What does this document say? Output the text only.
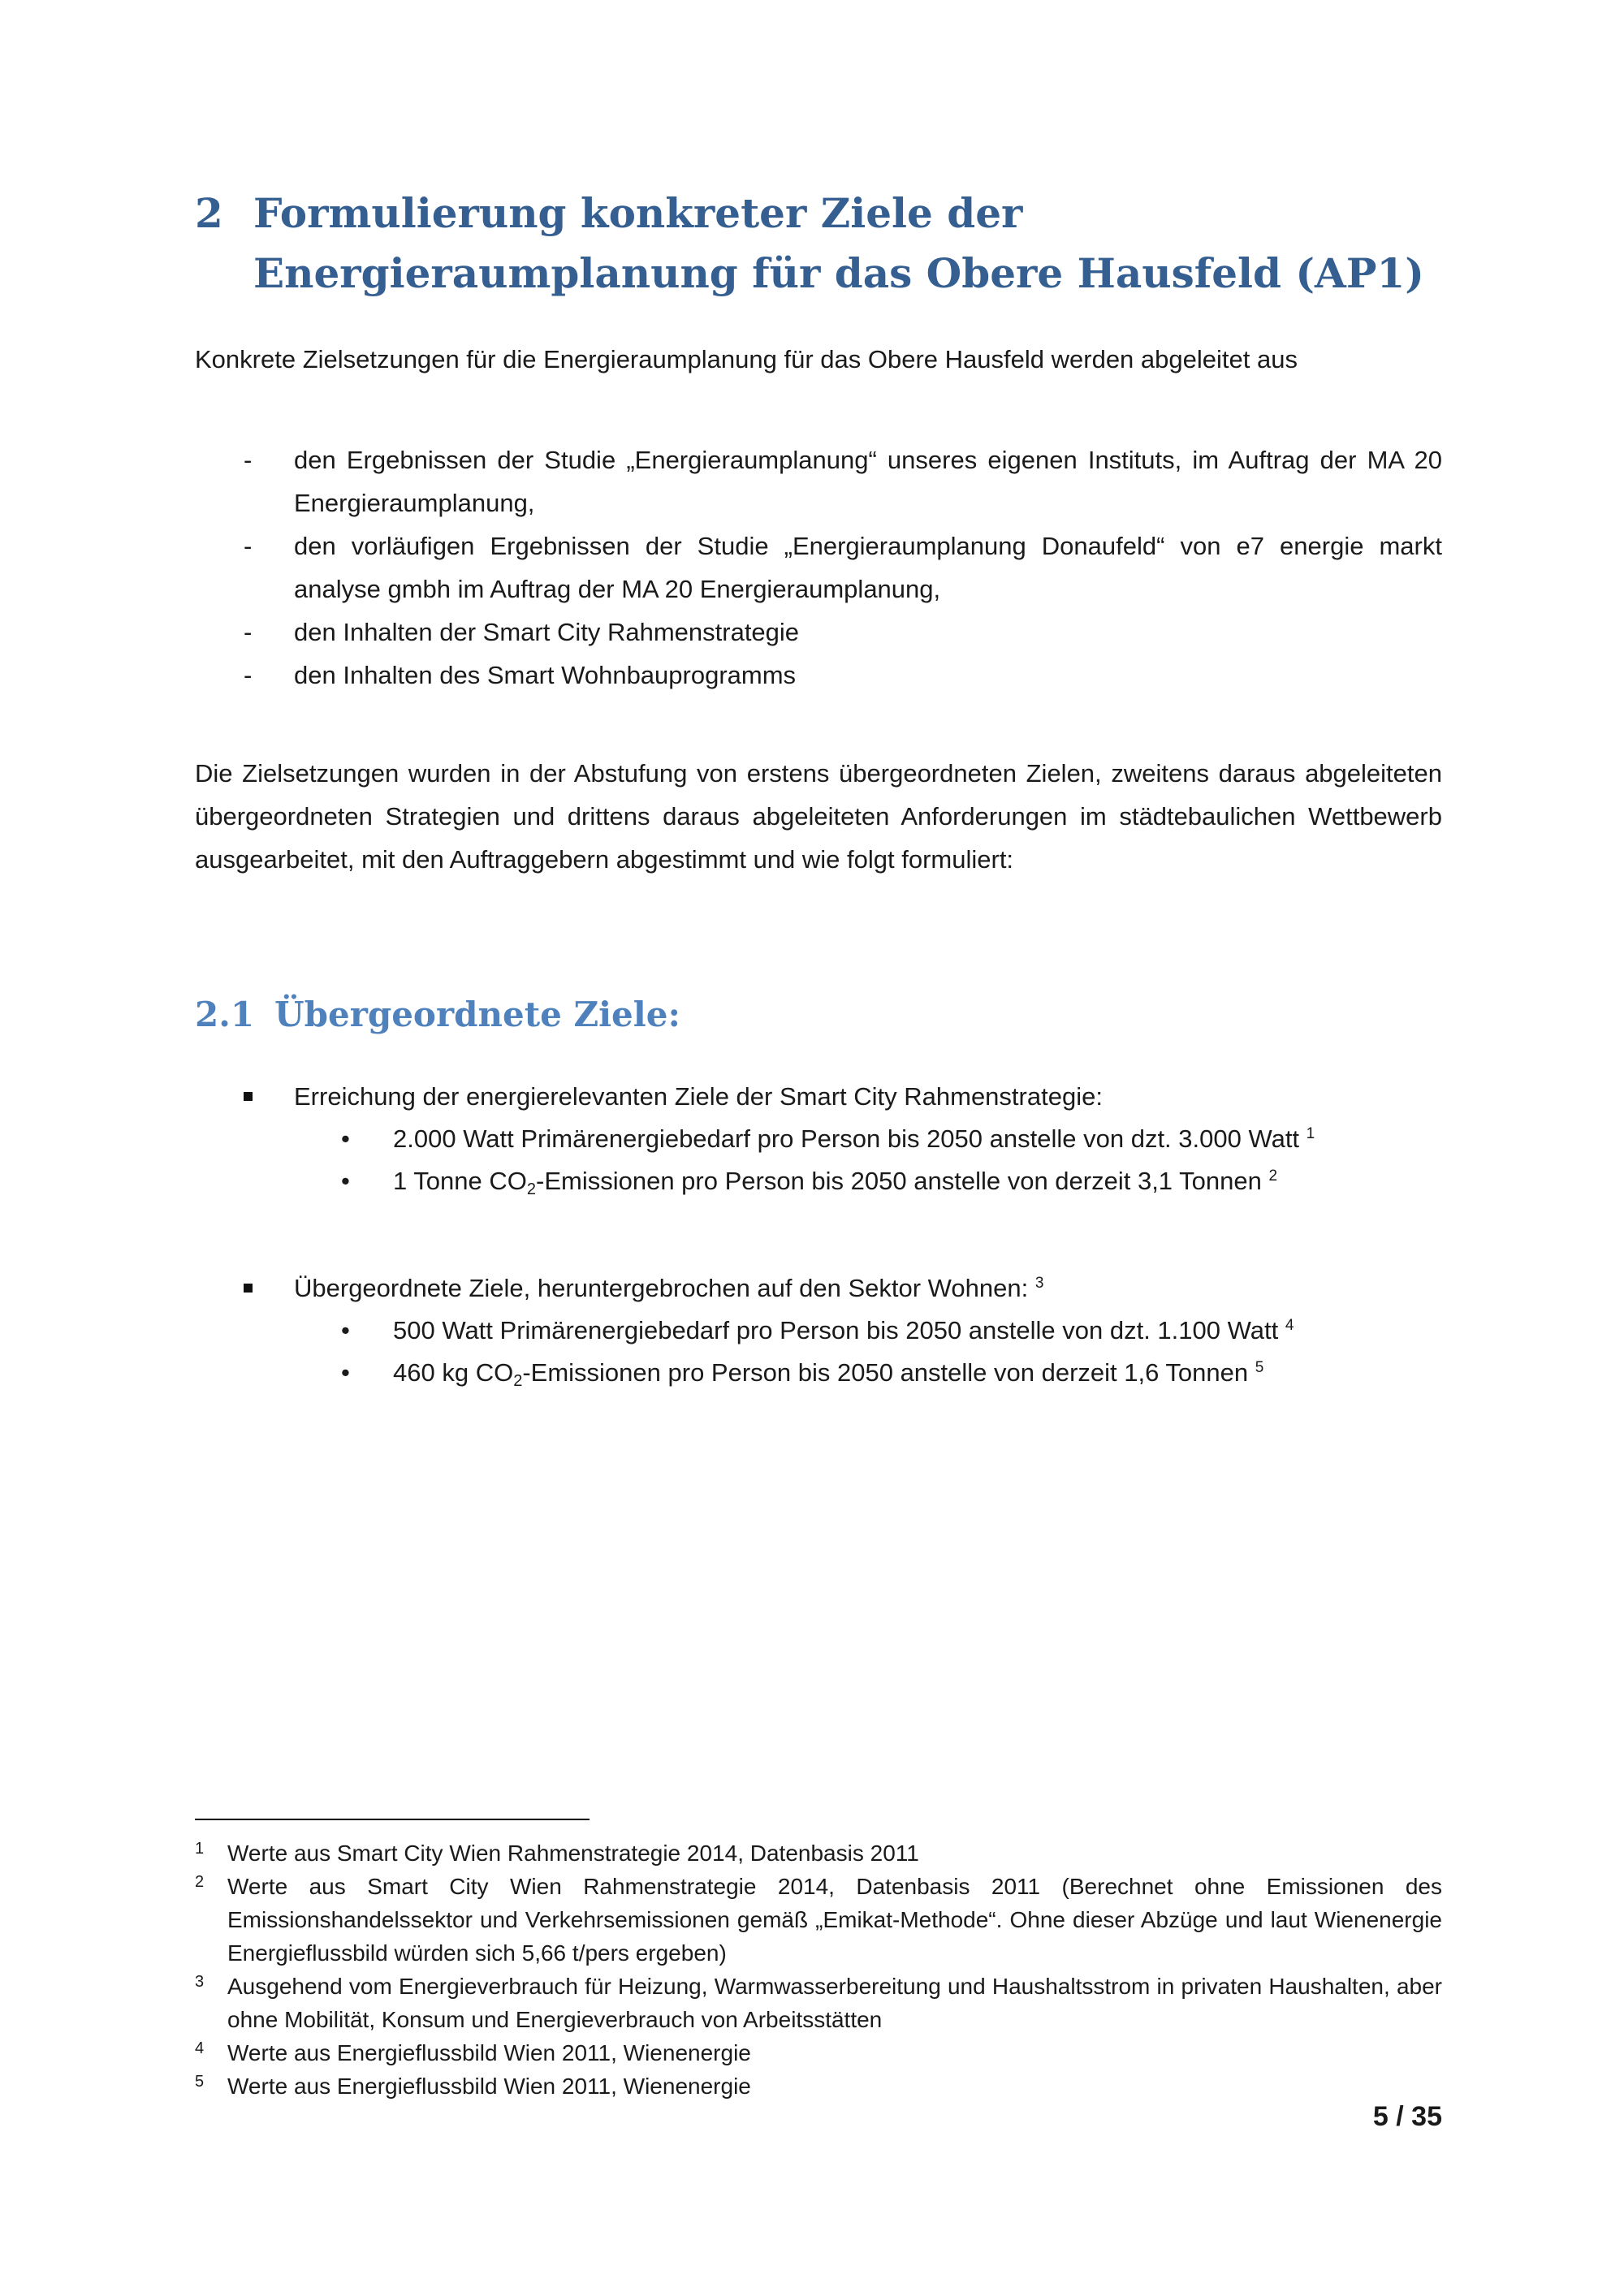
2 Formulierung konkreter Ziele der Energieraumplanung für das Obere Hausfeld (AP1)
Konkrete Zielsetzungen für die Energieraumplanung für das Obere Hausfeld werden abgeleitet aus
- den Ergebnissen der Studie „Energieraumplanung“ unseres eigenen Instituts, im Auftrag der MA 20 Energieraumplanung,
- den vorläufigen Ergebnissen der Studie „Energieraumplanung Donaufeld“ von e7 energie markt analyse gmbh im Auftrag der MA 20 Energieraumplanung,
- den Inhalten der Smart City Rahmenstrategie
- den Inhalten des Smart Wohnbauprogramms
Die Zielsetzungen wurden in der Abstufung von erstens übergeordneten Zielen, zweitens daraus abgeleiteten übergeordneten Strategien und drittens daraus abgeleiteten Anforderungen im städtebaulichen Wettbewerb ausgearbeitet, mit den Auftraggebern abgestimmt und wie folgt formuliert:
2.1 Übergeordnete Ziele:
Erreichung der energierelevanten Ziele der Smart City Rahmenstrategie:
• 2.000 Watt Primärenergiebedarf pro Person bis 2050 anstelle von dzt. 3.000 Watt $^1$
• 1 Tonne CO2-Emissionen pro Person bis 2050 anstelle von derzeit 3,1 Tonnen $^2$
Übergeordnete Ziele, heruntergebrochen auf den Sektor Wohnen: $^3$
• 500 Watt Primärenergiebedarf pro Person bis 2050 anstelle von dzt. 1.100 Watt $^4$
• 460 kg CO2-Emissionen pro Person bis 2050 anstelle von derzeit 1,6 Tonnen $^5$
1 Werte aus Smart City Wien Rahmenstrategie 2014, Datenbasis 2011
2 Werte aus Smart City Wien Rahmenstrategie 2014, Datenbasis 2011 (Berechnet ohne Emissionen des Emissionshandelssektor und Verkehrsemissionen gemäß „Emikat-Methode“. Ohne dieser Abzüge und laut Wienenergie Energieflussbild würden sich 5,66 t/pers ergeben)
3 Ausgehend vom Energieverbrauch für Heizung, Warmwasserbereitung und Haushaltsstrom in privaten Haushalten, aber ohne Mobilität, Konsum und Energieverbrauch von Arbeitsstätten
4 Werte aus Energieflussbild Wien 2011, Wienenergie
5 Werte aus Energieflussbild Wien 2011, Wienenergie
5 / 35
